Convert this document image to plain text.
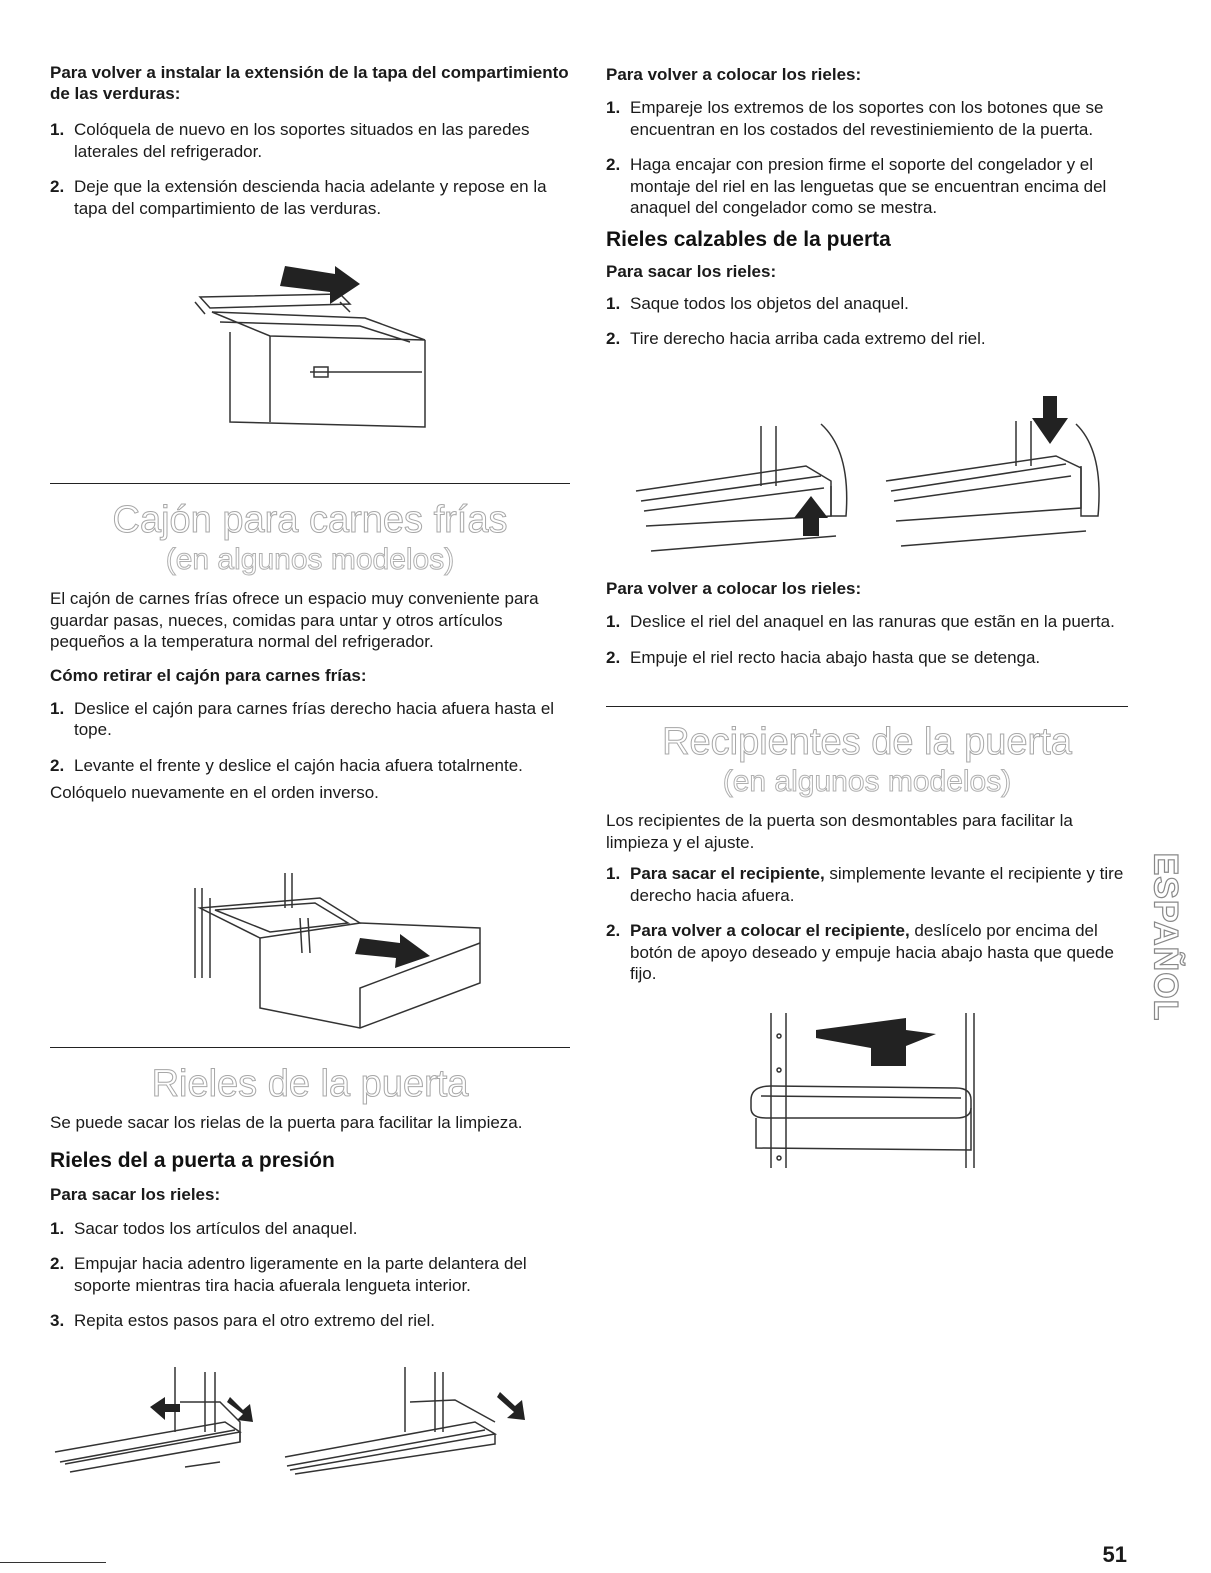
Para volver a instalar la extensión de la tapa del compartimiento de las verduras:

1. Colóquela de nuevo en los soportes situados en las paredes laterales del refrigerador.
2. Deje que la extensión descienda hacia adelante y repose en la tapa del compartimiento de las verduras.

Cajón para carnes frías

(en algunos modelos)

El cajón de carnes frías ofrece un espacio muy conveniente para guardar pasas, nueces, comidas para untar y otros artículos pequeños a la temperatura normal del refrigerador.

Cómo retirar el cajón para carnes frías:

1. Deslice el cajón para carnes frías derecho hacia afuera hasta el tope.
2. Levante el frente y deslice el cajón hacia afuera totalrnente.

Colóquelo nuevamente en el orden inverso.

Rieles de la puerta

Se puede sacar los rielas de la puerta para facilitar la limpieza.

Rieles del a puerta a presión

Para sacar los rieles:

1. Sacar todos los artículos del anaquel.
2. Empujar hacia adentro ligeramente en la parte delantera del soporte mientras tira hacia afuerala lengueta interior.
3. Repita estos pasos para el otro extremo del riel.

Para volver a colocar los rieles:

1. Empareje los extremos de los soportes con los botones que se encuentran en los costados del revestiniemiento de la puerta.
2. Haga encajar con presion firme el soporte del congelador y el montaje del riel en las lenguetas que se encuentran encima del anaquel del congelador como se mestra.

Rieles calzables de la puerta

Para sacar los rieles:

1. Saque todos los objetos del anaquel.
2. Tire derecho hacia arriba cada extremo del riel.

Para volver a colocar los rieles:

1. Deslice el riel del anaquel en las ranuras que estãn en la puerta.
2. Empuje el riel recto hacia abajo hasta que se detenga.

Recipientes de la puerta

(en algunos modelos)

Los recipientes de la puerta son desmontables para facilitar la limpieza y el ajuste.

1. Para sacar el recipiente, simplemente levante el recipiente y tire derecho hacia afuera.
2. Para volver a colocar el recipiente, deslícelo por encima del botón de apoyo deseado y empuje hacia abajo hasta que quede fijo.	ESPAÑOL
51
